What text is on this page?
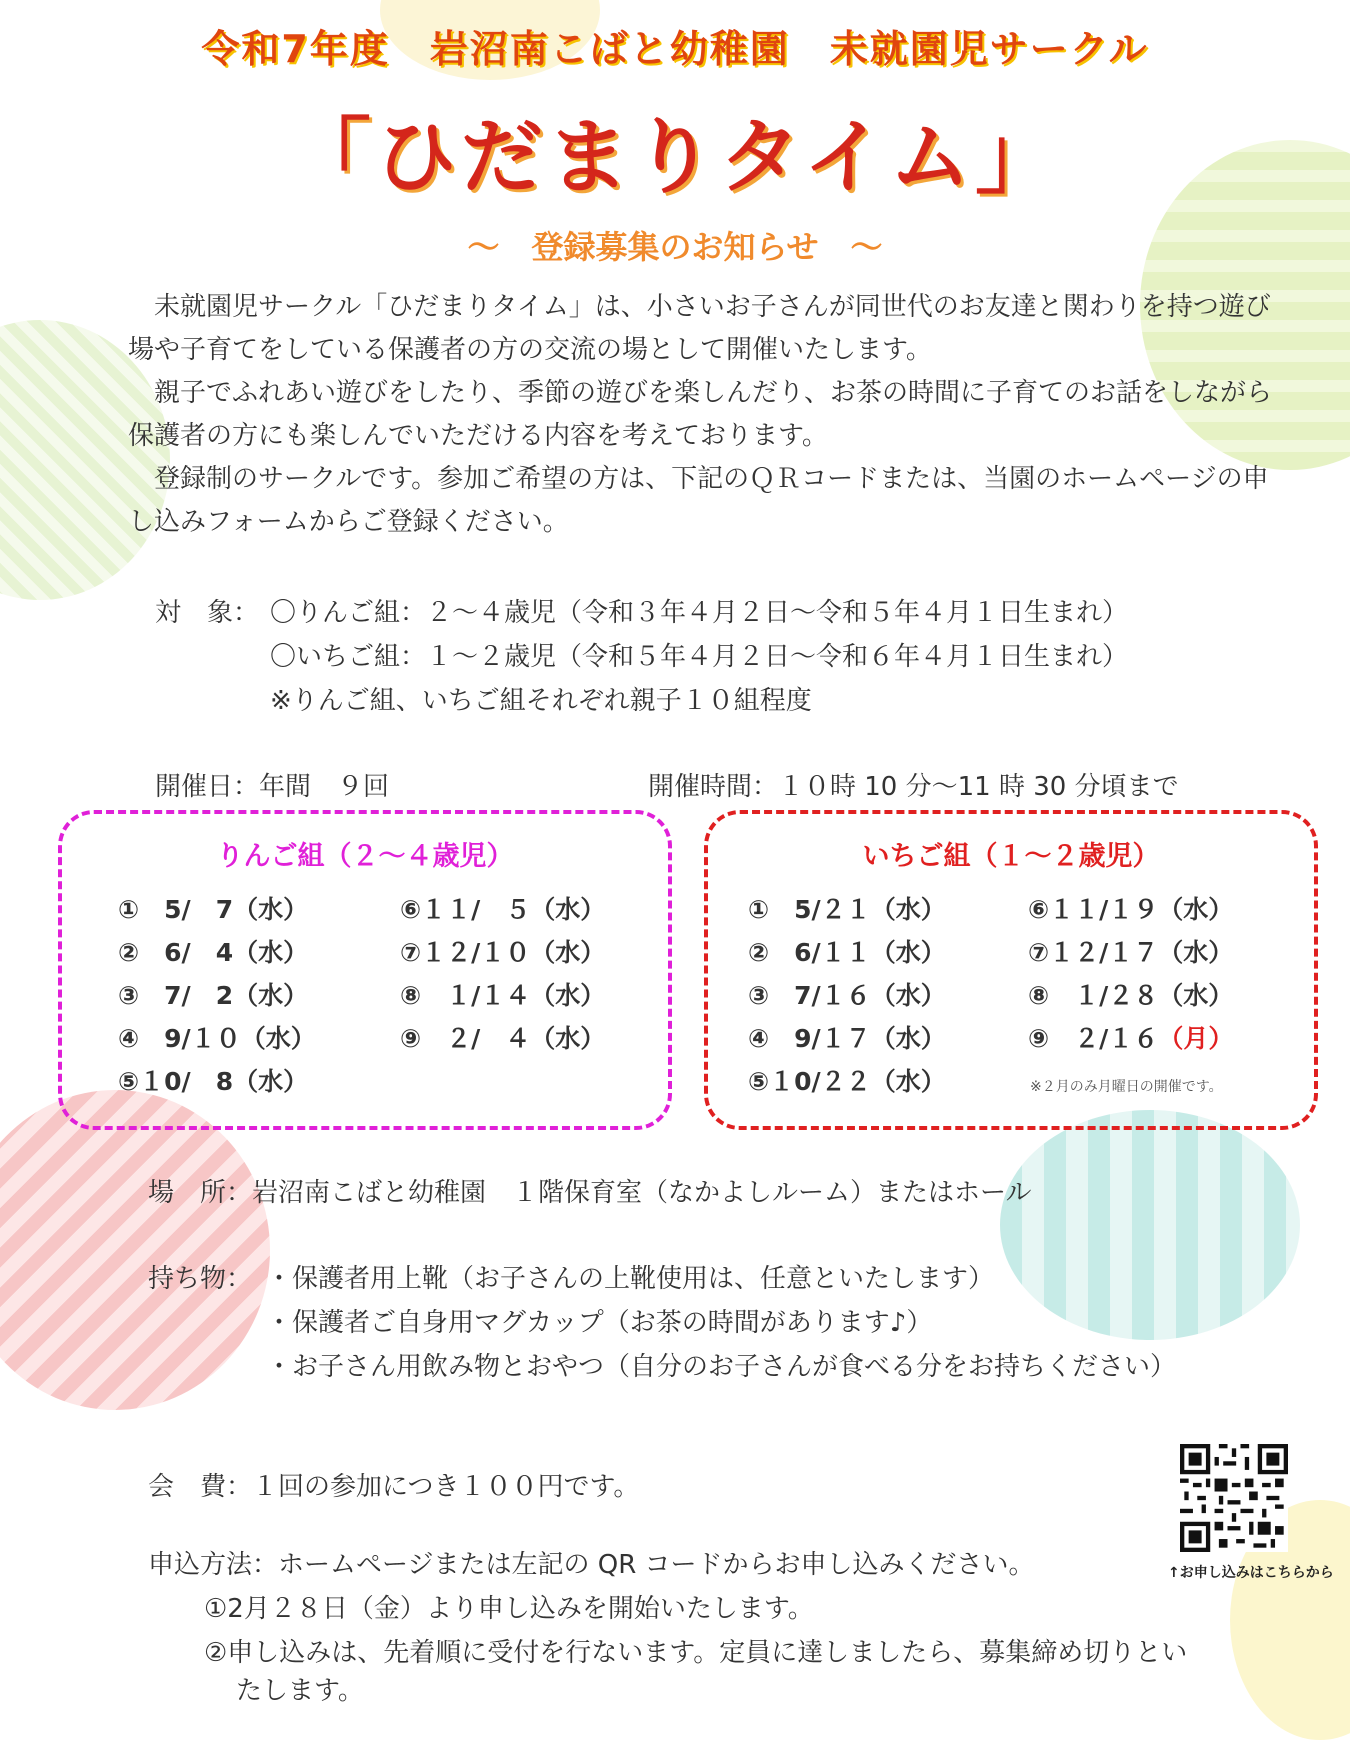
令和7年度　岩沼南こばと幼稚園　未就園児サークル
「ひだまりタイム」
～　登録募集のお知らせ　～

未就園児サークル「ひだまりタイム」は、小さいお子さんが同世代のお友達と関わりを持つ遊び場や子育てをしている保護者の方の交流の場として開催いたします。

親子でふれあい遊びをしたり、季節の遊びを楽しんだり、お茶の時間に子育てのお話をしながら保護者の方にも楽しんでいただける内容を考えております。

登録制のサークルです。参加ご希望の方は、下記のＱＲコードまたは、当園のホームページの申し込みフォームからご登録ください。

対　象： 〇りんご組：２～４歳児（令和３年４月２日～令和５年４月１日生まれ）
〇いちご組：１～２歳児（令和５年４月２日～令和６年４月１日生まれ）
※りんご組、いちご組それぞれ親子１０組程度
開催日：年間　９回	開催時間：１０時 10 分～11 時 30 分頃まで
りんご組（２～４歳児）
①　5/　7（水）
②　6/　4（水）
③　7/　2（水）
④　9/１０（水）
⑤１0/　8（水）
⑥１１/　５（水）
⑦１２/１０（水）
⑧　１/１４（水）
⑨　２/　４（水）
いちご組（１～２歳児）
①　5/２１（水）
②　6/１１（水）
③　7/１６（水）
④　9/１７（水）
⑤１0/２２（水）
⑥１１/１９（水）
⑦１２/１７（水）
⑧　１/２８（水）
⑨　２/１６（月）
※２月のみ月曜日の開催です。
場　所：岩沼南こばと幼稚園　１階保育室（なかよしルーム）またはホール
持ち物： ・保護者用上靴（お子さんの上靴使用は、任意といたします）
・保護者ご自身用マグカップ（お茶の時間があります♪）
・お子さん用飲み物とおやつ（自分のお子さんが食べる分をお持ちください）
会　費：１回の参加につき１００円です。
申込方法：ホームページまたは左記の QR コードからお申し込みください。
①2月２８日（金）より申し込みを開始いたします。
②申し込みは、先着順に受付を行ないます。定員に達しましたら、募集締め切りとい
たします。
↑お申し込みはこちらから
